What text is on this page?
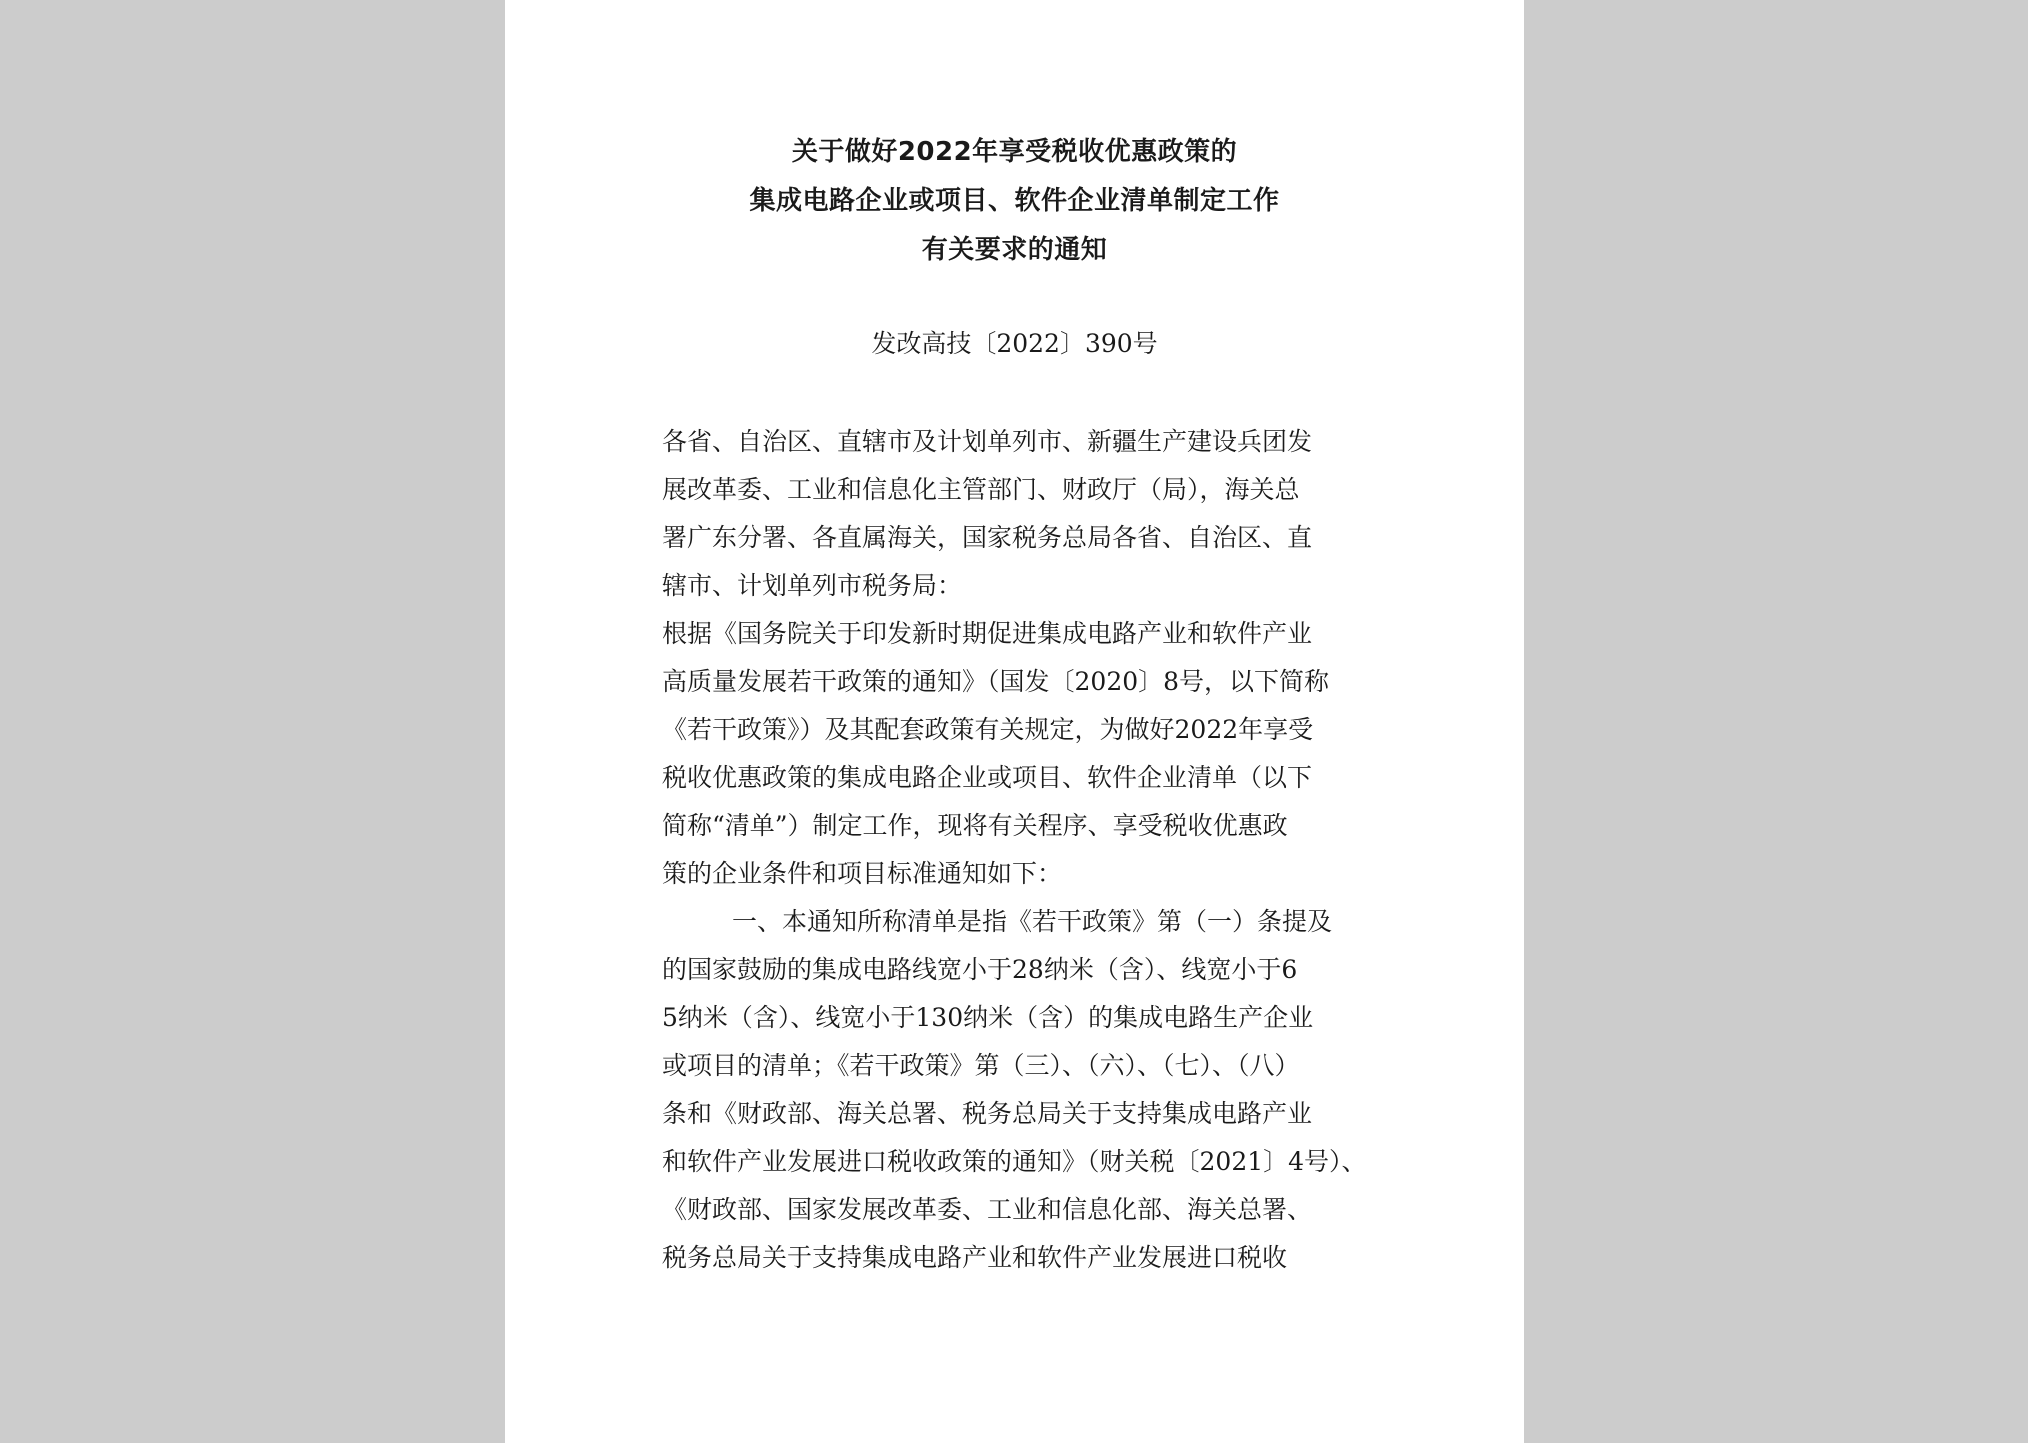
关于做好2022年享受税收优惠政策的
集成电路企业或项目、软件企业清单制定工作
有关要求的通知
发改高技〔2022〕390号
各省、自治区、直辖市及计划单列市、新疆生产建设兵团发
展改革委、工业和信息化主管部门、财政厅（局），海关总
署广东分署、各直属海关，国家税务总局各省、自治区、直
辖市、计划单列市税务局：
根据《国务院关于印发新时期促进集成电路产业和软件产业
高质量发展若干政策的通知》（国发〔2020〕8号，以下简称
《若干政策》）及其配套政策有关规定，为做好2022年享受
税收优惠政策的集成电路企业或项目、软件企业清单（以下
简称“清单”）制定工作，现将有关程序、享受税收优惠政
策的企业条件和项目标准通知如下：
一、本通知所称清单是指《若干政策》第（一）条提及
的国家鼓励的集成电路线宽小于28纳米（含）、线宽小于6
5纳米（含）、线宽小于130纳米（含）的集成电路生产企业
或项目的清单；《若干政策》第（三）、（六）、（七）、（八）
条和《财政部、海关总署、税务总局关于支持集成电路产业
和软件产业发展进口税收政策的通知》（财关税〔2021〕4号）、
《财政部、国家发展改革委、工业和信息化部、海关总署、
税务总局关于支持集成电路产业和软件产业发展进口税收
